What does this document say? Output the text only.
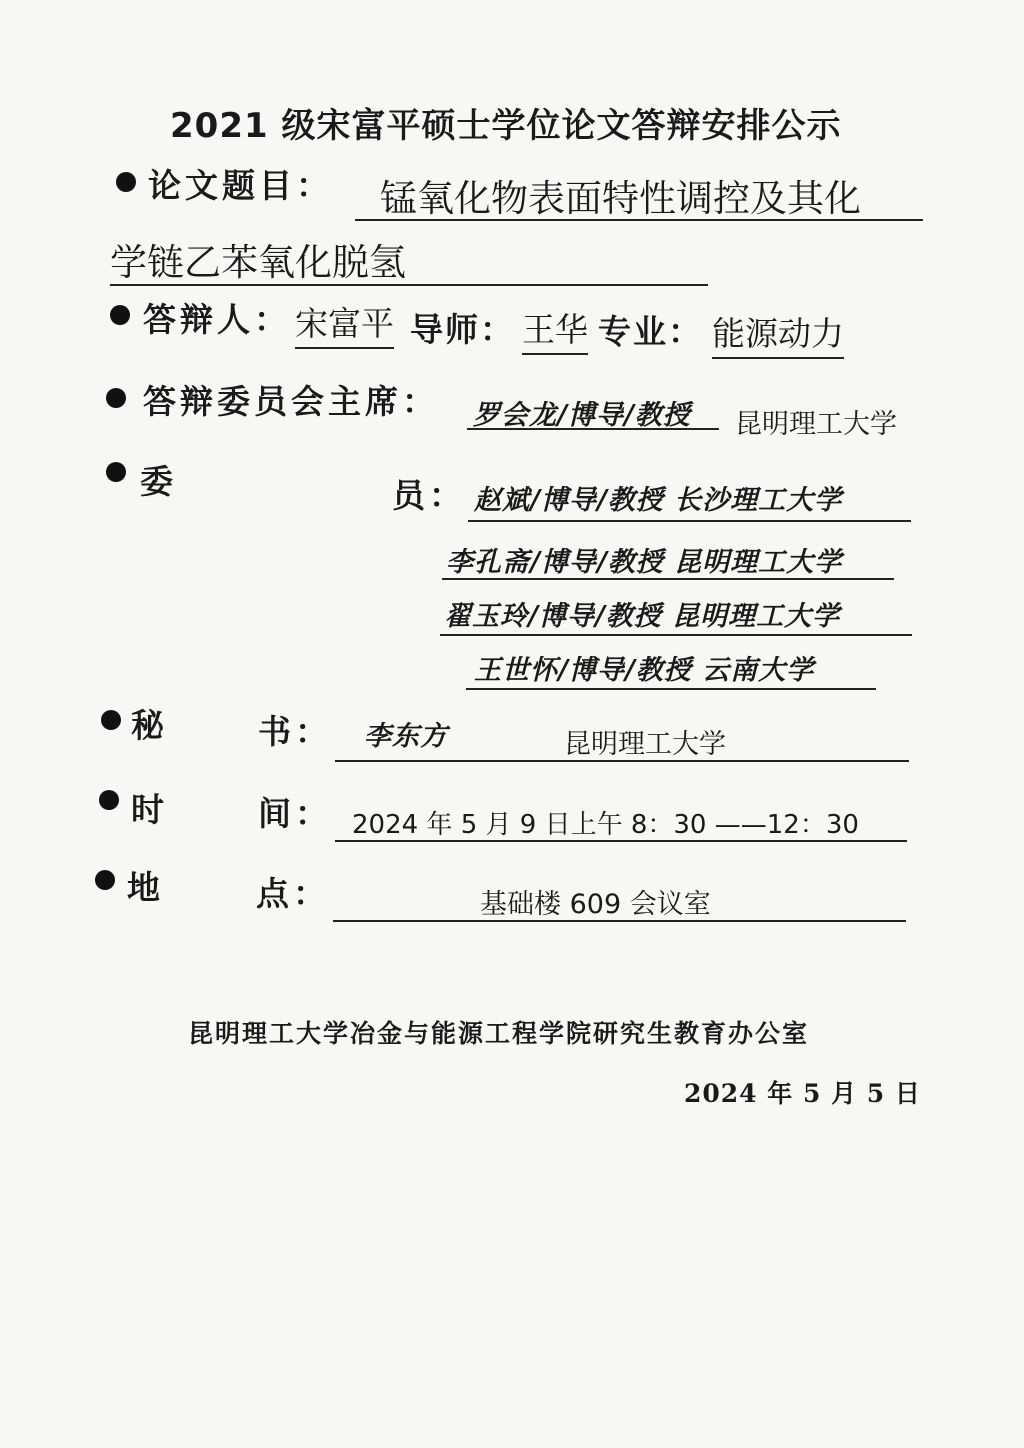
2021 级宋富平硕士学位论文答辩安排公示
论文题目： 锰氧化物表面特性调控及其化
学链乙苯氧化脱氢
答辩人： 宋富平 导师： 王华 专业： 能源动力
答辩委员会主席： 罗会龙/博导/教授 昆明理工大学
委	员： 赵斌/博导/教授 长沙理工大学
李孔斋/博导/教授 昆明理工大学
翟玉玲/博导/教授 昆明理工大学
王世怀/博导/教授 云南大学
秘	书： 李东方	昆明理工大学
时	间： 2024 年 5 月 9 日上午 8：30 ——12：30
地	点：	基础楼 609 会议室
昆明理工大学冶金与能源工程学院研究生教育办公室
2024 年 5 月 5 日
